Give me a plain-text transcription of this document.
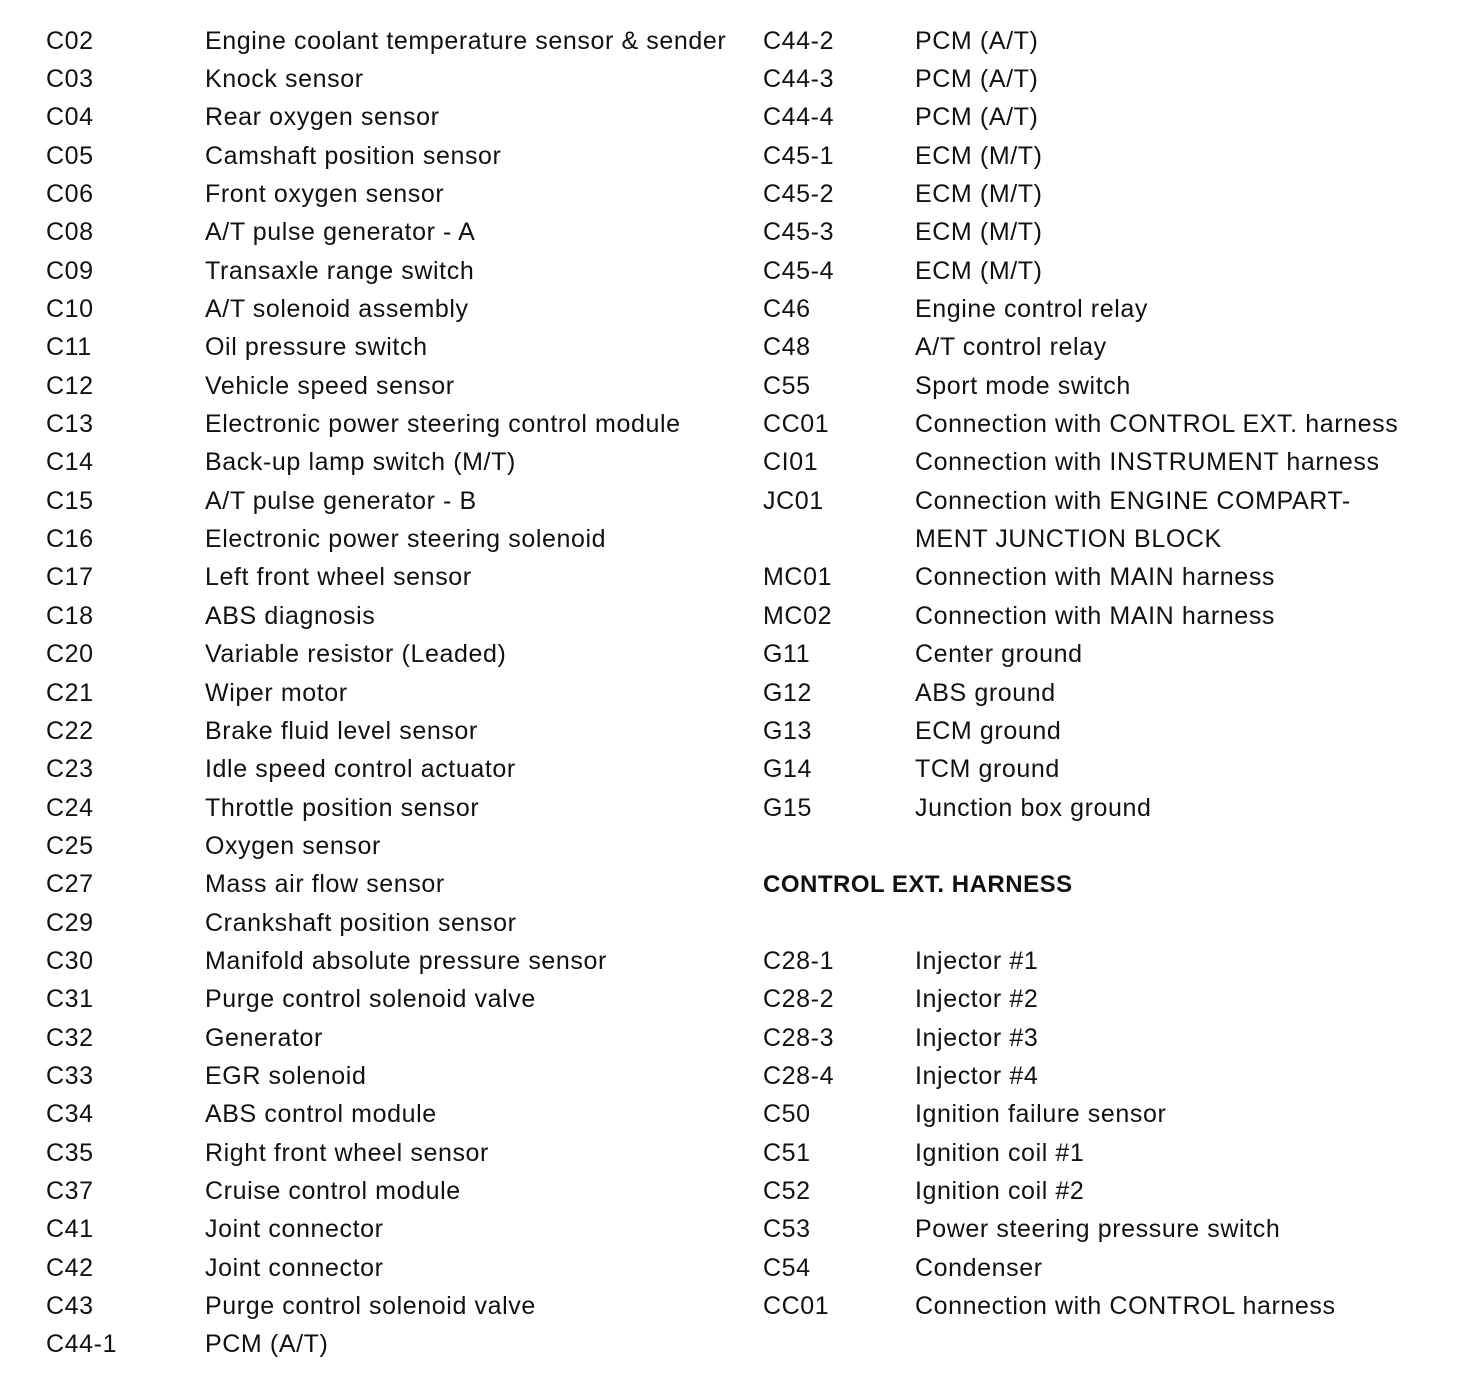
C02	Engine coolant temperature sensor & sender
C03	Knock sensor
C04	Rear oxygen sensor
C05	Camshaft position sensor
C06	Front oxygen sensor
C08	A/T pulse generator - A
C09	Transaxle range switch
C10	A/T solenoid assembly
C11	Oil pressure switch
C12	Vehicle speed sensor
C13	Electronic power steering control module
C14	Back-up lamp switch (M/T)
C15	A/T pulse generator - B
C16	Electronic power steering solenoid
C17	Left front wheel sensor
C18	ABS diagnosis
C20	Variable resistor (Leaded)
C21	Wiper motor
C22	Brake fluid level sensor
C23	Idle speed control actuator
C24	Throttle position sensor
C25	Oxygen sensor
C27	Mass air flow sensor
C29	Crankshaft position sensor
C30	Manifold absolute pressure sensor
C31	Purge control solenoid valve
C32	Generator
C33	EGR solenoid
C34	ABS control module
C35	Right front wheel sensor
C37	Cruise control module
C41	Joint connector
C42	Joint connector
C43	Purge control solenoid valve
C44-1	PCM (A/T)
C44-2	PCM (A/T)
C44-3	PCM (A/T)
C44-4	PCM (A/T)
C45-1	ECM (M/T)
C45-2	ECM (M/T)
C45-3	ECM (M/T)
C45-4	ECM (M/T)
C46	Engine control relay
C48	A/T control relay
C55	Sport mode switch
CC01	Connection with CONTROL EXT. harness
CI01	Connection with INSTRUMENT harness
JC01	Connection with ENGINE COMPART-
MENT JUNCTION BLOCK
MC01	Connection with MAIN harness
MC02	Connection with MAIN harness
G11	Center ground
G12	ABS ground
G13	ECM ground
G14	TCM ground
G15	Junction box ground
CONTROL EXT. HARNESS
C28-1	Injector #1
C28-2	Injector #2
C28-3	Injector #3
C28-4	Injector #4
C50	Ignition failure sensor
C51	Ignition coil #1
C52	Ignition coil #2
C53	Power steering pressure switch
C54	Condenser
CC01	Connection with CONTROL harness
